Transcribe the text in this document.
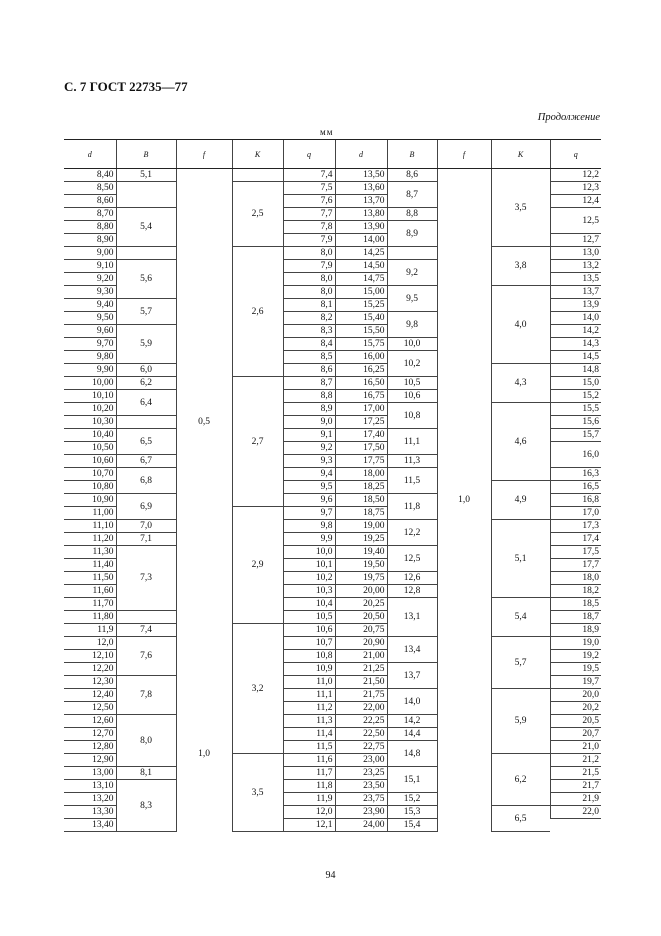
С. 7 ГОСТ 22735—77
Продолжение
мм
d	B	f	K	q	d	B	f	K	q
8,40	5,1	0,5		7,4	13,50	8,6	1,0	3,5	12,2
8,50			2,5	7,5	13,60	8,7			12,3
8,60				7,6	13,70				12,4
8,70	5,4			7,7	13,80	8,8			12,5
8,80				7,8	13,90	8,9			
8,90				7,9	14,00				12,7
9,00			2,6	8,0	14,25			3,8	13,0
9,10	5,6			7,9	14,50	9,2			13,2
9,20				8,0	14,75				13,5
9,30				8,0	15,00	9,5		4,0	13,7
9,40	5,7			8,1	15,25				13,9
9,50				8,2	15,40	9,8			14,0
9,60	5,9			8,3	15,50				14,2
9,70				8,4	15,75	10,0			14,3
9,80				8,5	16,00	10,2			14,5
9,90	6,0			8,6	16,25			4,3	14,8
10,00	6,2		2,7	8,7	16,50	10,5			15,0
10,10	6,4			8,8	16,75	10,6			15,2
10,20				8,9	17,00	10,8		4,6	15,5
10,30				9,0	17,25				15,6
10,40	6,5			9,1	17,40	11,1			15,7
10,50				9,2	17,50				16,0
10,60	6,7			9,3	17,75	11,3			
10,70	6,8			9,4	18,00	11,5			16,3
10,80				9,5	18,25			4,9	16,5
10,90	6,9			9,6	18,50	11,8			16,8
11,00			2,9	9,7	18,75				17,0
11,10	7,0			9,8	19,00	12,2		5,1	17,3
11,20	7,1			9,9	19,25				17,4
11,30	7,3			10,0	19,40	12,5			17,5
11,40				10,1	19,50				17,7
11,50				10,2	19,75	12,6			18,0
11,60				10,3	20,00	12,8			18,2
11,70				10,4	20,25	13,1		5,4	18,5
11,80				10,5	20,50				18,7
11,9	7,4		3,2	10,6	20,75				18,9
12,0	7,6			10,7	20,90	13,4		5,7	19,0
12,10				10,8	21,00				19,2
12,20				10,9	21,25	13,7			19,5
12,30	7,8	1,0		11,0	21,50				19,7
12,40				11,1	21,75	14,0		5,9	20,0
12,50				11,2	22,00				20,2
12,60	8,0			11,3	22,25	14,2			20,5
12,70				11,4	22,50	14,4			20,7
12,80				11,5	22,75	14,8			21,0
12,90			3,5	11,6	23,00			6,2	21,2
13,00	8,1			11,7	23,25	15,1			21,5
13,10	8,3			11,8	23,50				21,7
13,20				11,9	23,75	15,2			21,9
13,30				12,0	23,90	15,3		6,5	22,0
13,40				12,1	24,00	15,4			
94
